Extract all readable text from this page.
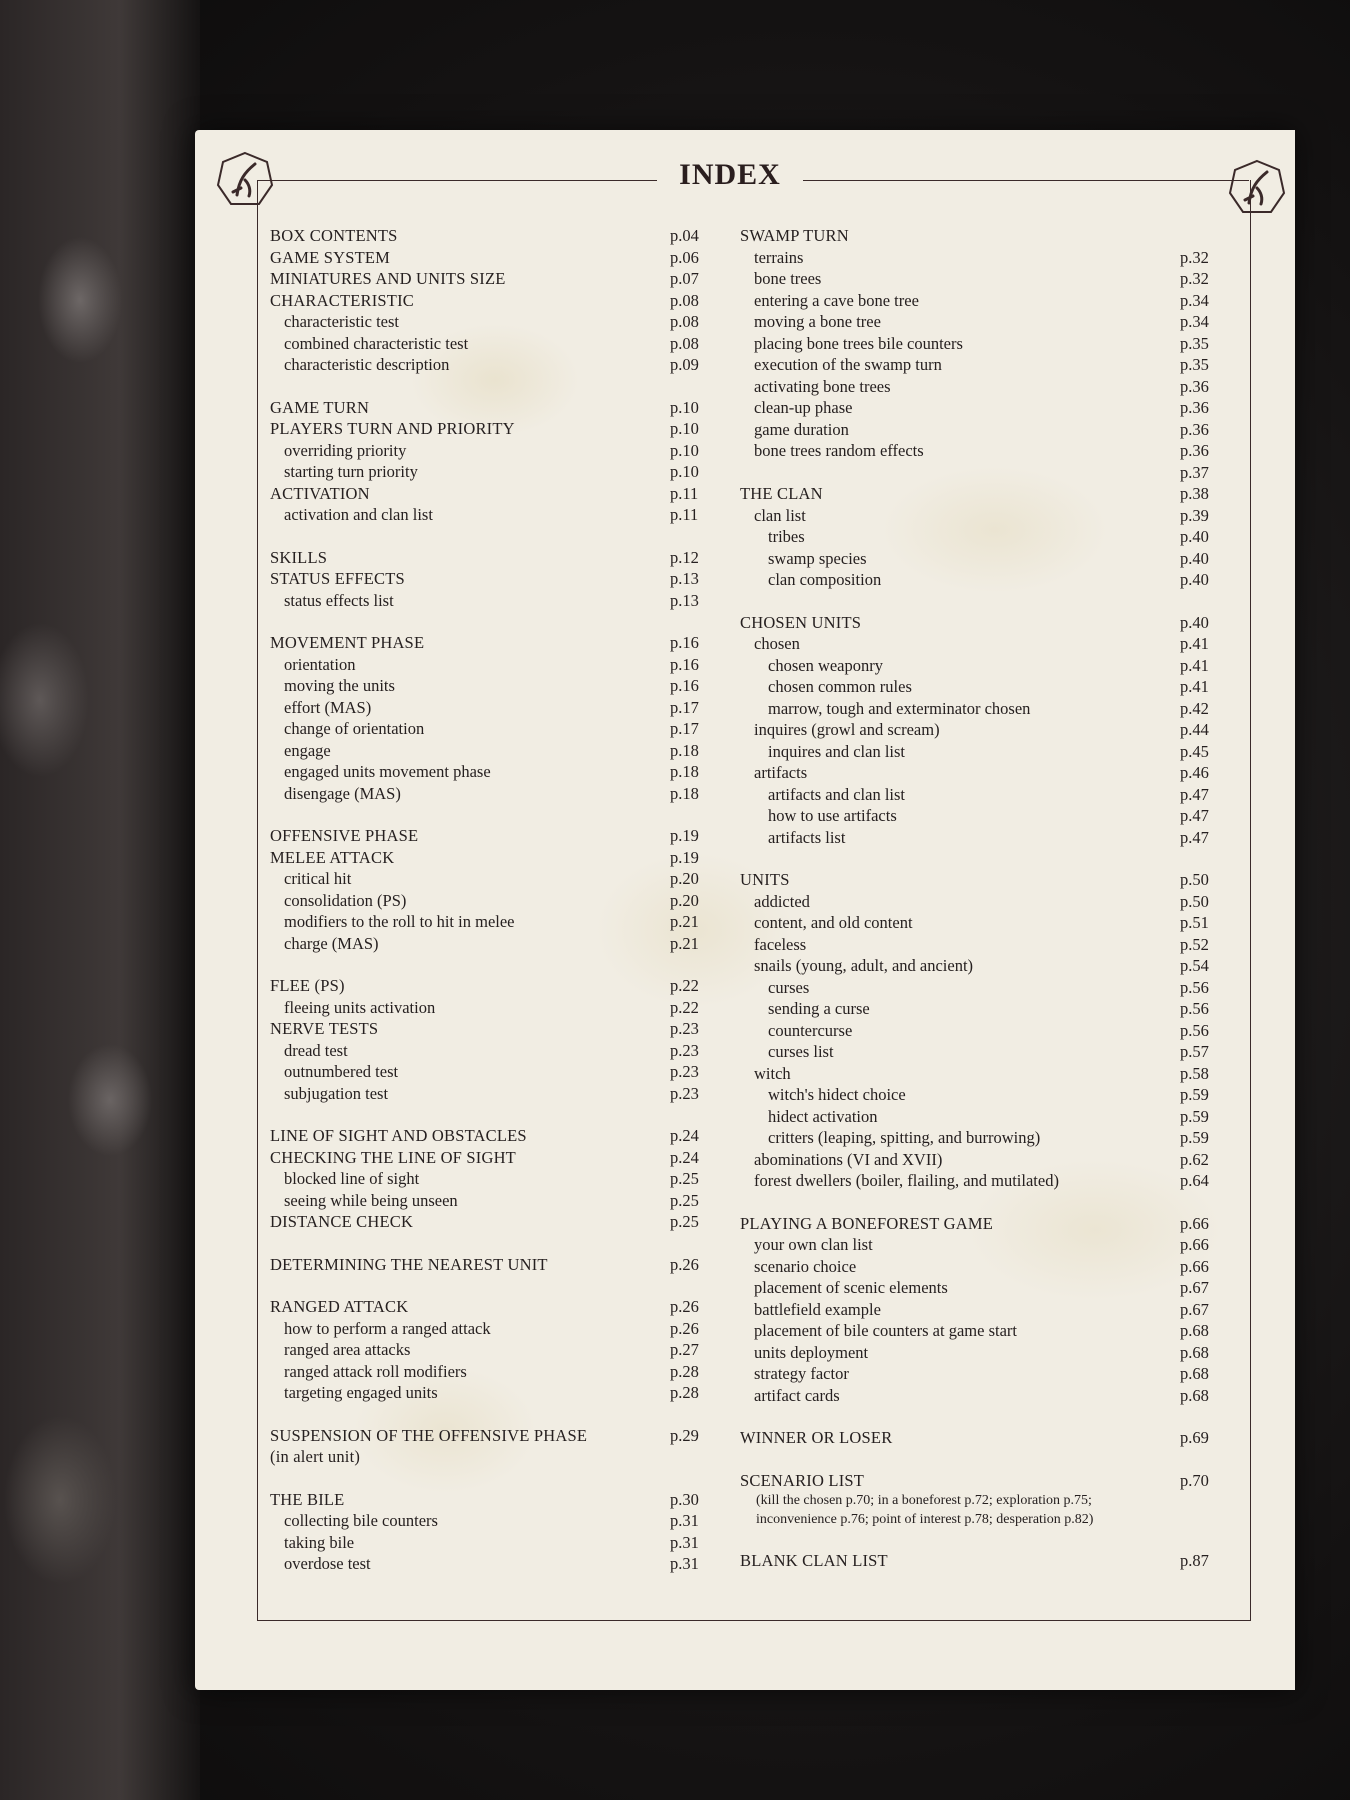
INDEX
BOX CONTENTS	p.04
GAME SYSTEM	p.06
MINIATURES AND UNITS SIZE	p.07
CHARACTERISTIC	p.08
characteristic test	p.08
combined characteristic test	p.08
characteristic description	p.09
GAME TURN	p.10
PLAYERS TURN AND PRIORITY	p.10
overriding priority	p.10
starting turn priority	p.10
ACTIVATION	p.11
activation and clan list	p.11
SKILLS	p.12
STATUS EFFECTS	p.13
status effects list	p.13
MOVEMENT PHASE	p.16
orientation	p.16
moving the units	p.16
effort (MAS)	p.17
change of orientation	p.17
engage	p.18
engaged units movement phase	p.18
disengage (MAS)	p.18
OFFENSIVE PHASE	p.19
MELEE ATTACK	p.19
critical hit	p.20
consolidation (PS)	p.20
modifiers to the roll to hit in melee	p.21
charge (MAS)	p.21
FLEE (PS)	p.22
fleeing units activation	p.22
NERVE TESTS	p.23
dread test	p.23
outnumbered test	p.23
subjugation test	p.23
LINE OF SIGHT AND OBSTACLES	p.24
CHECKING THE LINE OF SIGHT	p.24
blocked line of sight	p.25
seeing while being unseen	p.25
DISTANCE CHECK	p.25
DETERMINING THE NEAREST UNIT	p.26
RANGED ATTACK	p.26
how to perform a ranged attack	p.26
ranged area attacks	p.27
ranged attack roll modifiers	p.28
targeting engaged units	p.28
SUSPENSION OF THE OFFENSIVE PHASE	p.29
(in alert unit)
THE BILE	p.30
collecting bile counters	p.31
taking bile	p.31
overdose test	p.31
SWAMP TURN
terrains	p.32
bone trees	p.32
entering a cave bone tree	p.34
moving a bone tree	p.34
placing bone trees bile counters	p.35
execution of the swamp turn	p.35
activating bone trees	p.36
clean-up phase	p.36
game duration	p.36
bone trees random effects	p.36
p.37
THE CLAN	p.38
clan list	p.39
tribes	p.40
swamp species	p.40
clan composition	p.40
CHOSEN UNITS	p.40
chosen	p.41
chosen weaponry	p.41
chosen common rules	p.41
marrow, tough and exterminator chosen	p.42
inquires (growl and scream)	p.44
inquires and clan list	p.45
artifacts	p.46
artifacts and clan list	p.47
how to use artifacts	p.47
artifacts list	p.47
UNITS	p.50
addicted	p.50
content, and old content	p.51
faceless	p.52
snails (young, adult, and ancient)	p.54
curses	p.56
sending a curse	p.56
countercurse	p.56
curses list	p.57
witch	p.58
witch's hidect choice	p.59
hidect activation	p.59
critters (leaping, spitting, and burrowing)	p.59
abominations (VI and XVII)	p.62
forest dwellers (boiler, flailing, and mutilated)	p.64
PLAYING A BONEFOREST GAME	p.66
your own clan list	p.66
scenario choice	p.66
placement of scenic elements	p.67
battlefield example	p.67
placement of bile counters at game start	p.68
units deployment	p.68
strategy factor	p.68
artifact cards	p.68
WINNER OR LOSER	p.69
SCENARIO LIST	p.70
(kill the chosen p.70; in a boneforest p.72; exploration p.75;
inconvenience p.76; point of interest p.78; desperation p.82)
BLANK CLAN LIST	p.87
